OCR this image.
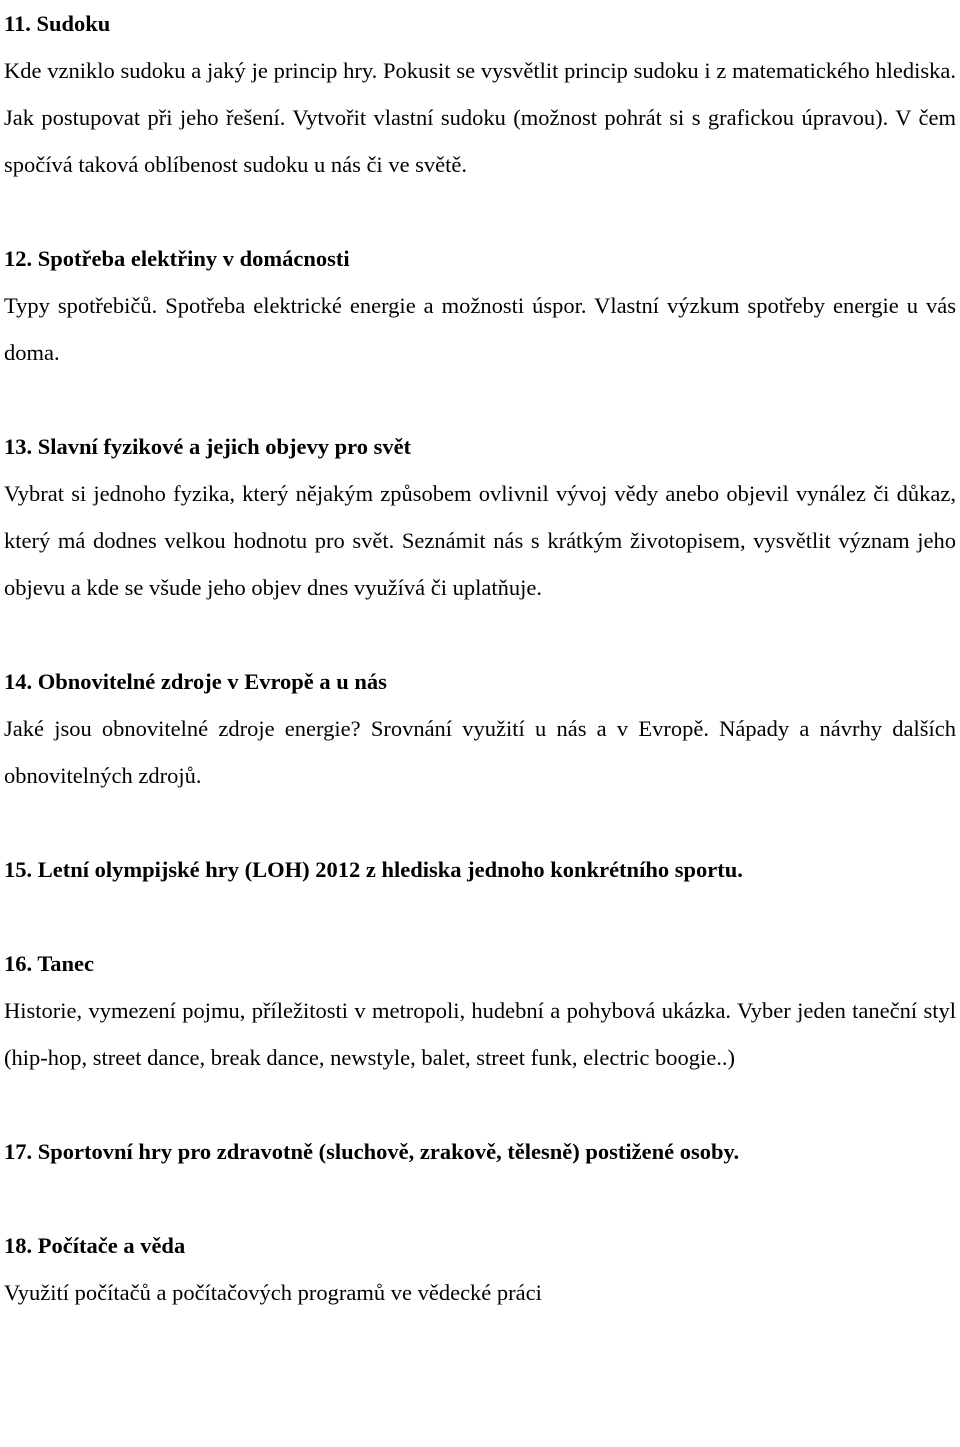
11. Sudoku

Kde vzniklo sudoku a jaký je princip hry. Pokusit se vysvětlit princip sudoku i z matematického hlediska. Jak postupovat při jeho řešení. Vytvořit vlastní sudoku (možnost pohrát si s grafickou úpravou). V čem spočívá taková oblíbenost sudoku u nás či ve světě.

12. Spotřeba elektřiny v domácnosti

Typy spotřebičů. Spotřeba elektrické energie a možnosti úspor. Vlastní výzkum spotřeby energie u vás doma.

13. Slavní fyzikové a jejich objevy pro svět

Vybrat si jednoho fyzika, který nějakým způsobem ovlivnil vývoj vědy anebo objevil vynález či důkaz, který má dodnes velkou hodnotu pro svět. Seznámit nás s krátkým životopisem, vysvětlit význam jeho objevu a kde se všude jeho objev dnes využívá či uplatňuje.

14. Obnovitelné zdroje v Evropě a u nás

Jaké jsou obnovitelné zdroje energie? Srovnání využití u nás a v Evropě. Nápady a návrhy dalších obnovitelných zdrojů.

15. Letní olympijské hry (LOH) 2012 z hlediska jednoho konkrétního sportu.

16. Tanec

Historie, vymezení pojmu, příležitosti v metropoli, hudební a pohybová ukázka. Vyber jeden taneční styl (hip-hop, street dance, break dance, newstyle, balet, street funk, electric boogie..)

17. Sportovní hry pro zdravotně (sluchově, zrakově, tělesně) postižené osoby.

18. Počítače a věda

Využití počítačů a počítačových programů ve vědecké práci
